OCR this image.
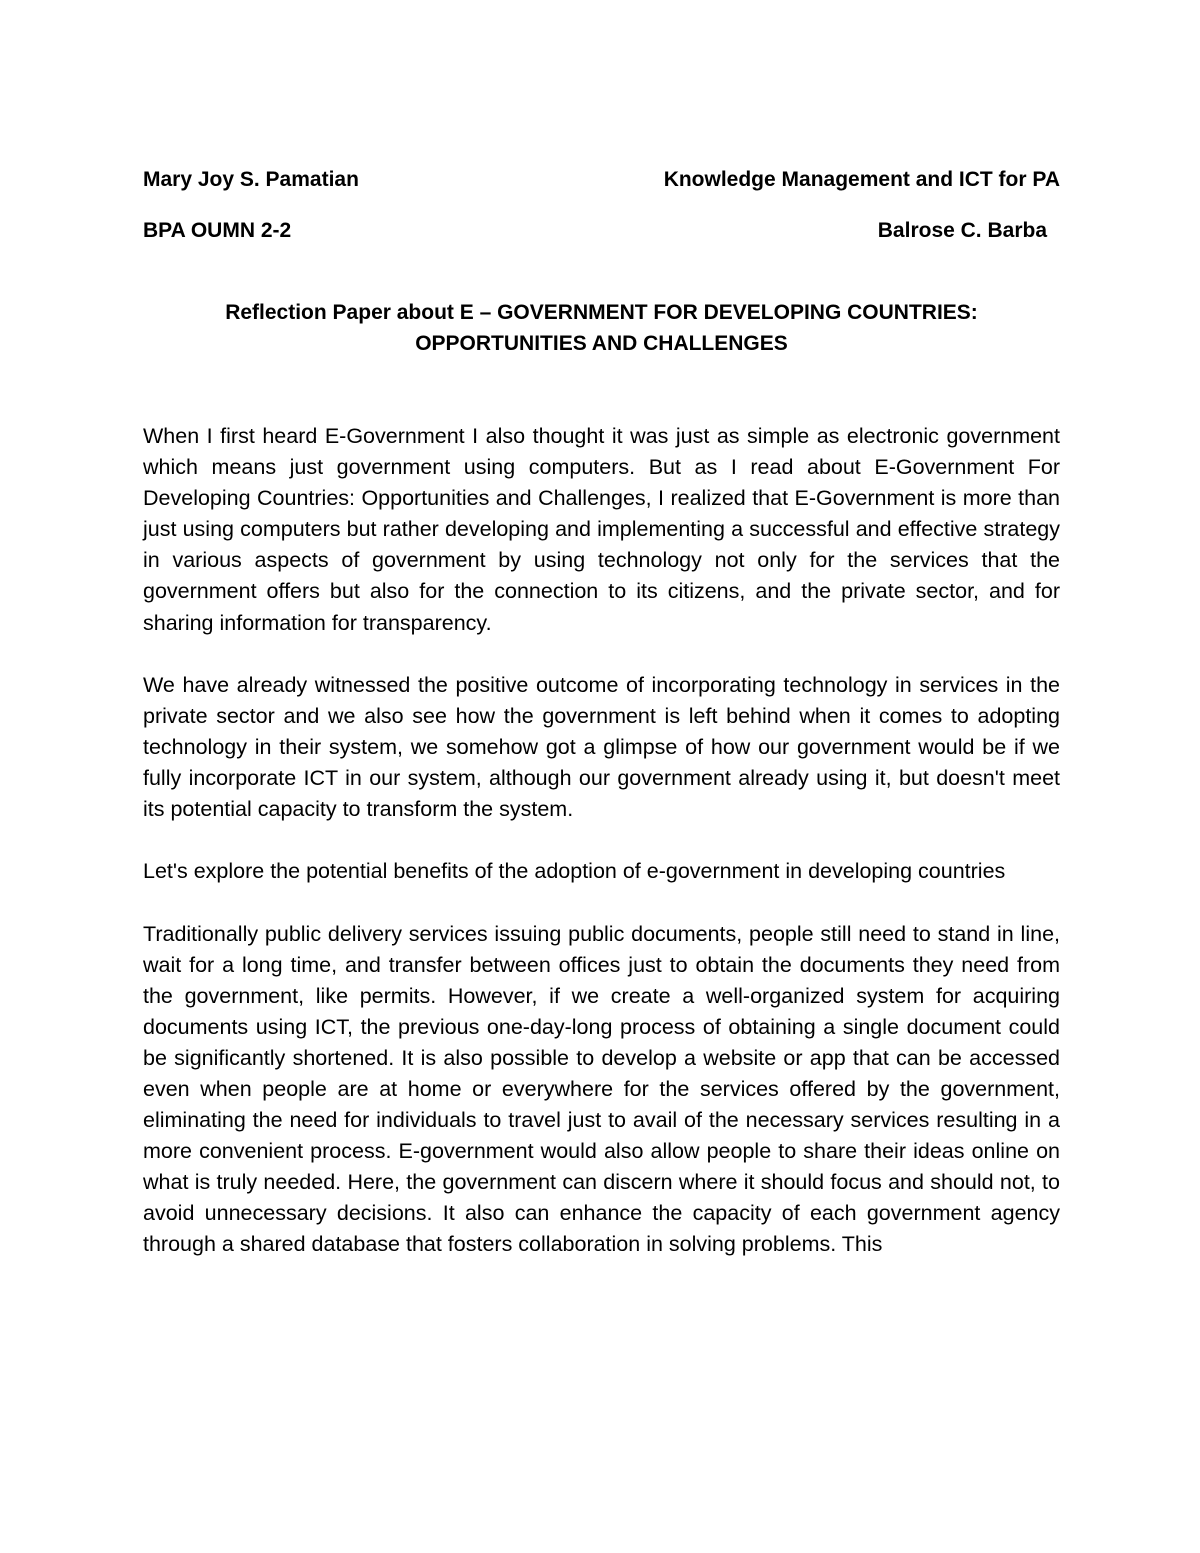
Mary Joy S. Pamatian	Knowledge Management and ICT for PA
BPA OUMN 2-2	Balrose C. Barba
Reflection Paper about E – GOVERNMENT FOR DEVELOPING COUNTRIES:
OPPORTUNITIES AND CHALLENGES

When I first heard E-Government I also thought it was just as simple as electronic government which means just government using computers. But as I read about E-Government For Developing Countries: Opportunities and Challenges, I realized that E-Government is more than just using computers but rather developing and implementing a successful and effective strategy in various aspects of government by using technology not only for the services that the government offers but also for the connection to its citizens, and the private sector, and for sharing information for transparency.

We have already witnessed the positive outcome of incorporating technology in services in the private sector and we also see how the government is left behind when it comes to adopting technology in their system, we somehow got a glimpse of how our government would be if we fully incorporate ICT in our system, although our government already using it, but doesn't meet its potential capacity to transform the system.

Let's explore the potential benefits of the adoption of e-government in developing countries

Traditionally public delivery services issuing public documents, people still need to stand in line, wait for a long time, and transfer between offices just to obtain the documents they need from the government, like permits. However, if we create a well-organized system for acquiring documents using ICT, the previous one-day-long process of obtaining a single document could be significantly shortened. It is also possible to develop a website or app that can be accessed even when people are at home or everywhere for the services offered by the government, eliminating the need for individuals to travel just to avail of the necessary services resulting in a more convenient process. E-government would also allow people to share their ideas online on what is truly needed. Here, the government can discern where it should focus and should not, to avoid unnecessary decisions. It also can enhance the capacity of each government agency through a shared database that fosters collaboration in solving problems. This
